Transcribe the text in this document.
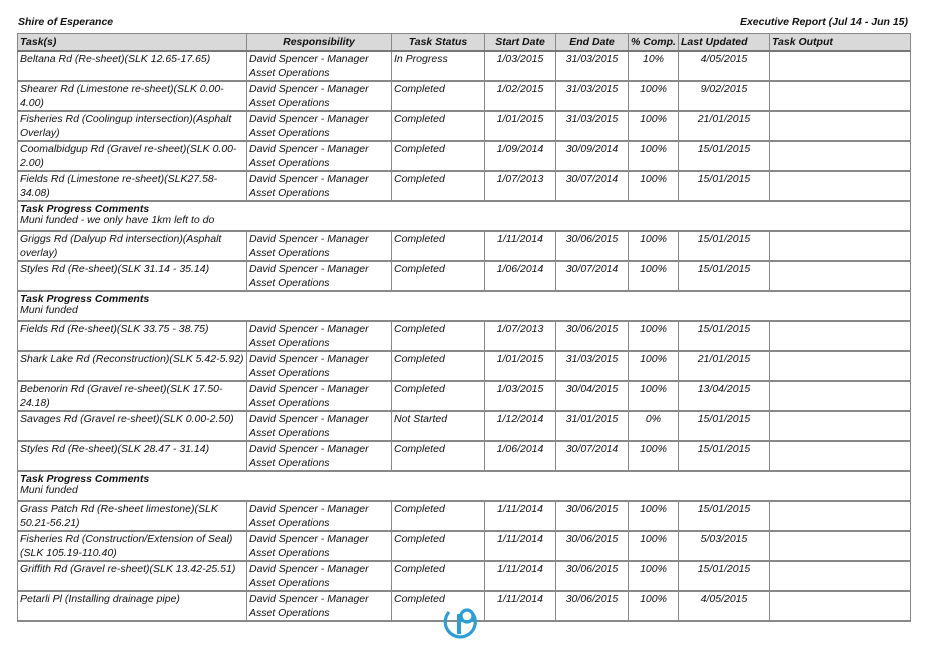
Shire of Esperance	Executive Report (Jul 14 - Jun 15)
Task(s)	Responsibility	Task Status	Start Date	End Date	% Comp.	Last Updated	Task Output
Beltana Rd (Re-sheet)(SLK 12.65-17.65)	David Spencer - Manager Asset Operations	In Progress	1/03/2015	31/03/2015	10%	4/05/2015	
Shearer Rd (Limestone re-sheet)(SLK 0.00-4.00)	David Spencer - Manager Asset Operations	Completed	1/02/2015	31/03/2015	100%	9/02/2015	
Fisheries Rd (Coolingup intersection)(Asphalt Overlay)	David Spencer - Manager Asset Operations	Completed	1/01/2015	31/03/2015	100%	21/01/2015	
Coomalbidgup Rd (Gravel re-sheet)(SLK 0.00-2.00)	David Spencer - Manager Asset Operations	Completed	1/09/2014	30/09/2014	100%	15/01/2015	
Fields Rd (Limestone re-sheet)(SLK27.58-34.08)	David Spencer - Manager Asset Operations	Completed	1/07/2013	30/07/2014	100%	15/01/2015	

Task Progress Comments
Muni funded - we only have 1km left to do							
Griggs Rd (Dalyup Rd intersection)(Asphalt overlay)	David Spencer - Manager Asset Operations	Completed	1/11/2014	30/06/2015	100%	15/01/2015	
Styles Rd (Re-sheet)(SLK 31.14 - 35.14)	David Spencer - Manager Asset Operations	Completed	1/06/2014	30/07/2014	100%	15/01/2015	

Task Progress Comments
Muni funded							
Fields Rd (Re-sheet)(SLK 33.75 - 38.75)	David Spencer - Manager Asset Operations	Completed	1/07/2013	30/06/2015	100%	15/01/2015	
Shark Lake Rd (Reconstruction)(SLK 5.42-5.92)	David Spencer - Manager Asset Operations	Completed	1/01/2015	31/03/2015	100%	21/01/2015	
Bebenorin Rd (Gravel re-sheet)(SLK 17.50-24.18)	David Spencer - Manager Asset Operations	Completed	1/03/2015	30/04/2015	100%	13/04/2015	
Savages Rd (Gravel re-sheet)(SLK 0.00-2.50)	David Spencer - Manager Asset Operations	Not Started	1/12/2014	31/01/2015	0%	15/01/2015	
Styles Rd (Re-sheet)(SLK 28.47 - 31.14)	David Spencer - Manager Asset Operations	Completed	1/06/2014	30/07/2014	100%	15/01/2015	

Task Progress Comments
Muni funded							
Grass Patch Rd (Re-sheet limestone)(SLK 50.21-56.21)	David Spencer - Manager Asset Operations	Completed	1/11/2014	30/06/2015	100%	15/01/2015	
Fisheries Rd (Construction/Extension of Seal)(SLK 105.19-110.40)	David Spencer - Manager Asset Operations	Completed	1/11/2014	30/06/2015	100%	5/03/2015	
Griffith Rd (Gravel re-sheet)(SLK 13.42-25.51)	David Spencer - Manager Asset Operations	Completed	1/11/2014	30/06/2015	100%	15/01/2015	
Petarli Pl (Installing drainage pipe)	David Spencer - Manager Asset Operations	Completed	1/11/2014	30/06/2015	100%	4/05/2015	
